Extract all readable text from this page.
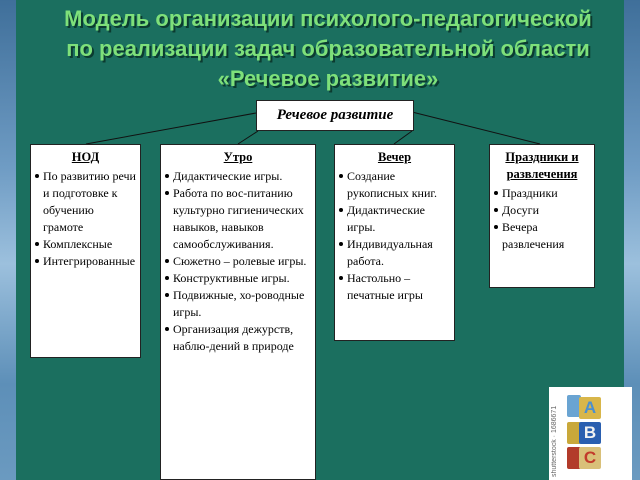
Модель организации психолого-педагогической
по реализации задач образовательной области
«Речевое развитие»
Речевое развитие
НОД
По развитию речи и подготовке к обучению грамоте
Комплексные
Интегрированные
Утро
Дидактические игры.
Работа по вос-питанию культурно гигиенических навыков, навыков самообслуживания.
Сюжетно – ролевые игры.
Конструктивные игры.
Подвижные, хо-роводные игры.
Организация дежурств, наблю-дений в природе
Вечер
Создание рукописных книг.
Дидактические игры.
Индивидуальная работа.
Настольно – печатные игры
Праздники и развлечения
Праздники
Досуги
Вечера развлечения
shutterstock · 1686671 A
B
C
